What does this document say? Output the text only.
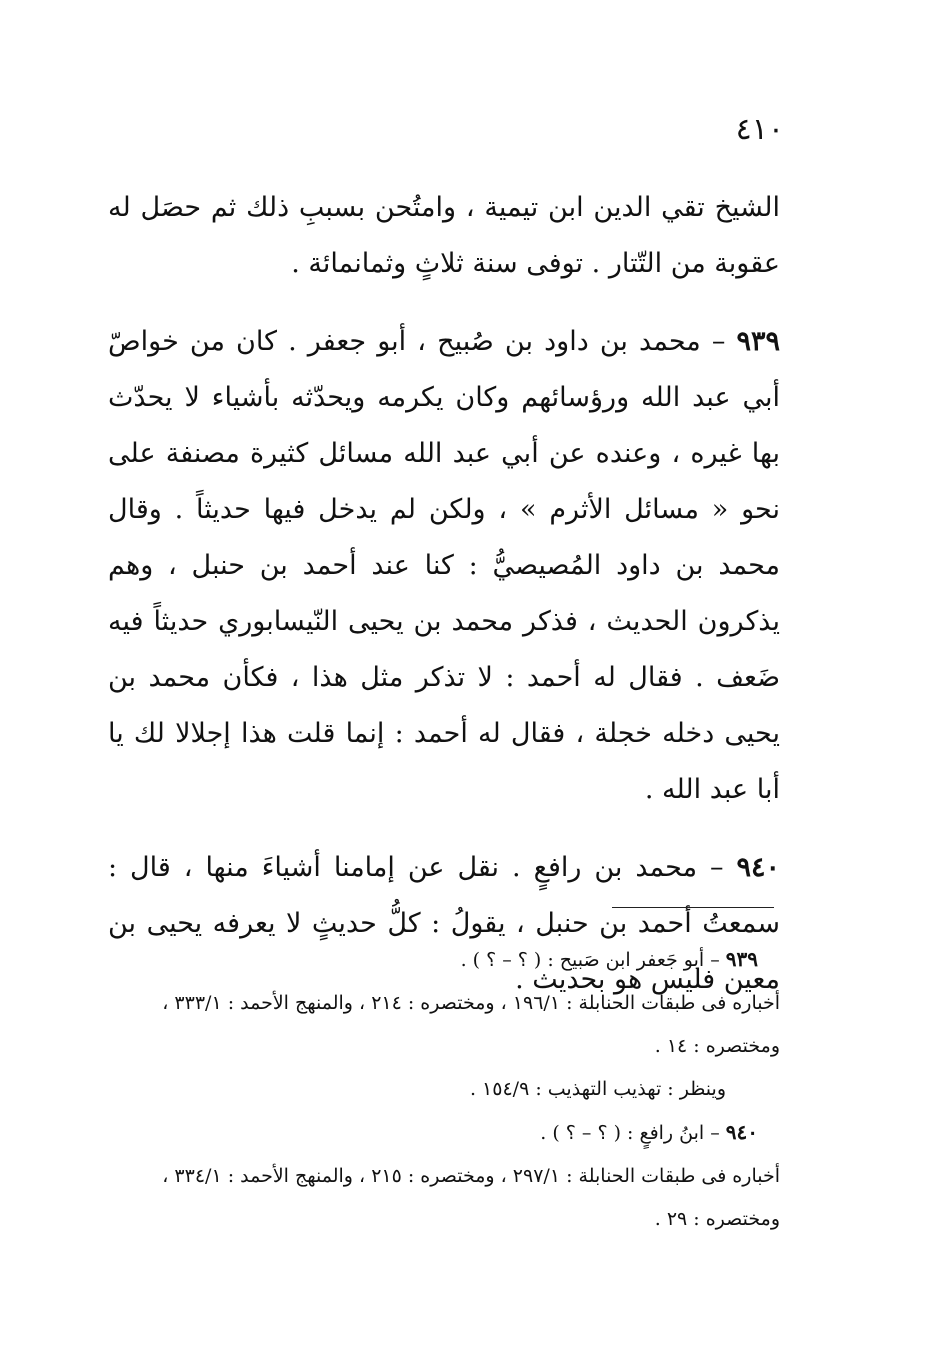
٤١٠

الشيخ تقي الدين ابن تيمية ، وامتُحن بسببِ ذلك ثم حصَل له عقوبة من التّتار . توفى سنة ثلاثٍ وثمانمائة .

٩٣٩ – محمد بن داود بن صُبيح ، أبو جعفر . كان من خواصّ أبي عبد الله ورؤسائهم وكان يكرمه ويحدّثه بأشياء لا يحدّث بها غيره ، وعنده عن أبي عبد الله مسائل كثيرة مصنفة على نحو « مسائل الأثرم » ، ولكن لم يدخل فيها حديثاً . وقال محمد بن داود المُصيصيُّ : كنا عند أحمد بن حنبل ، وهم يذكرون الحديث ، فذكر محمد بن يحيى النّيسابوري حديثاً فيه ضَعف . فقال له أحمد : لا تذكر مثل هذا ، فكأن محمد بن يحيى دخله خجلة ، فقال له أحمد : إنما قلت هذا إجلالا لك يا أبا عبد الله .

٩٤٠ – محمد بن رافعٍ . نقل عن إمامنا أشياءَ منها ، قال : سمعتُ أحمد بن حنبل ، يقولُ : كلُّ حديثٍ لا يعرفه يحيى بن معين فليس هو بحديث .

٩٣٩ – أبو جَعفر ابن صَبيح : ( ؟ – ؟ ) .

أخباره فى طبقات الحنابلة : ١٩٦/١ ، ومختصره : ٢١٤ ، والمنهج الأحمد : ٣٣٣/١ ، ومختصره : ١٤ .

وينظر : تهذيب التهذيب : ١٥٤/٩ .

٩٤٠ – ابنُ رافعٍ : ( ؟ – ؟ ) .

أخباره فى طبقات الحنابلة : ٢٩٧/١ ، ومختصره : ٢١٥ ، والمنهج الأحمد : ٣٣٤/١ ، ومختصره : ٢٩ .
